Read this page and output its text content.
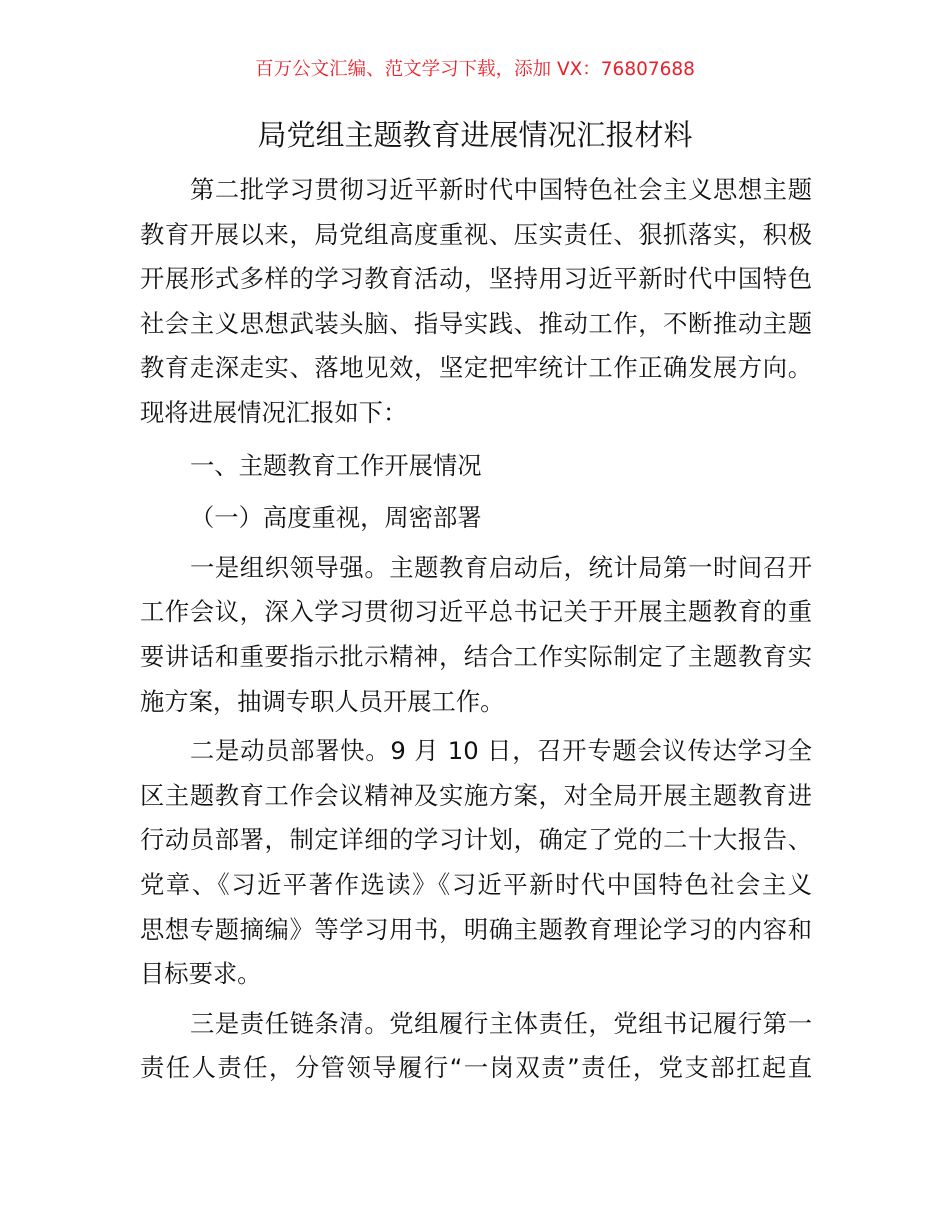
百万公文汇编、范文学习下载，添加 VX：76807688
局党组主题教育进展情况汇报材料
第二批学习贯彻习近平新时代中国特色社会主义思想主题
教育开展以来，局党组高度重视、压实责任、狠抓落实，积极
开展形式多样的学习教育活动，坚持用习近平新时代中国特色
社会主义思想武装头脑、指导实践、推动工作，不断推动主题
教育走深走实、落地见效，坚定把牢统计工作正确发展方向。
现将进展情况汇报如下：
一、主题教育工作开展情况
（一）高度重视，周密部署
一是组织领导强。主题教育启动后，统计局第一时间召开
工作会议，深入学习贯彻习近平总书记关于开展主题教育的重
要讲话和重要指示批示精神，结合工作实际制定了主题教育实
施方案，抽调专职人员开展工作。
二是动员部署快。9 月 10 日，召开专题会议传达学习全
区主题教育工作会议精神及实施方案，对全局开展主题教育进
行动员部署，制定详细的学习计划，确定了党的二十大报告、
党章、《习近平著作选读》《习近平新时代中国特色社会主义
思想专题摘编》等学习用书，明确主题教育理论学习的内容和
目标要求。
三是责任链条清。党组履行主体责任，党组书记履行第一
责任人责任，分管领导履行“一岗双责”责任，党支部扛起直
